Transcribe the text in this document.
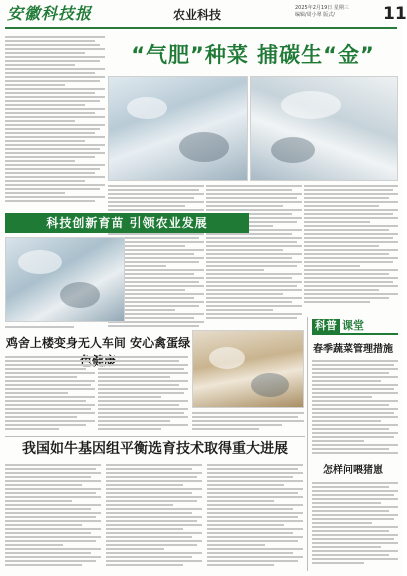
安徽科技报	农业科技	2025年2月19日 星期三
编辑/周小翠 版式/	11
“气肥”种菜 捕碳生“金”
科技创新育苗 引领农业发展
鸡舍上楼变身无人车间 安心禽蛋绿
我国如牛基因组平衡选育技术取得重大进展
科普 课堂
春季蔬菜管理措施
怎样问喂猪崽
